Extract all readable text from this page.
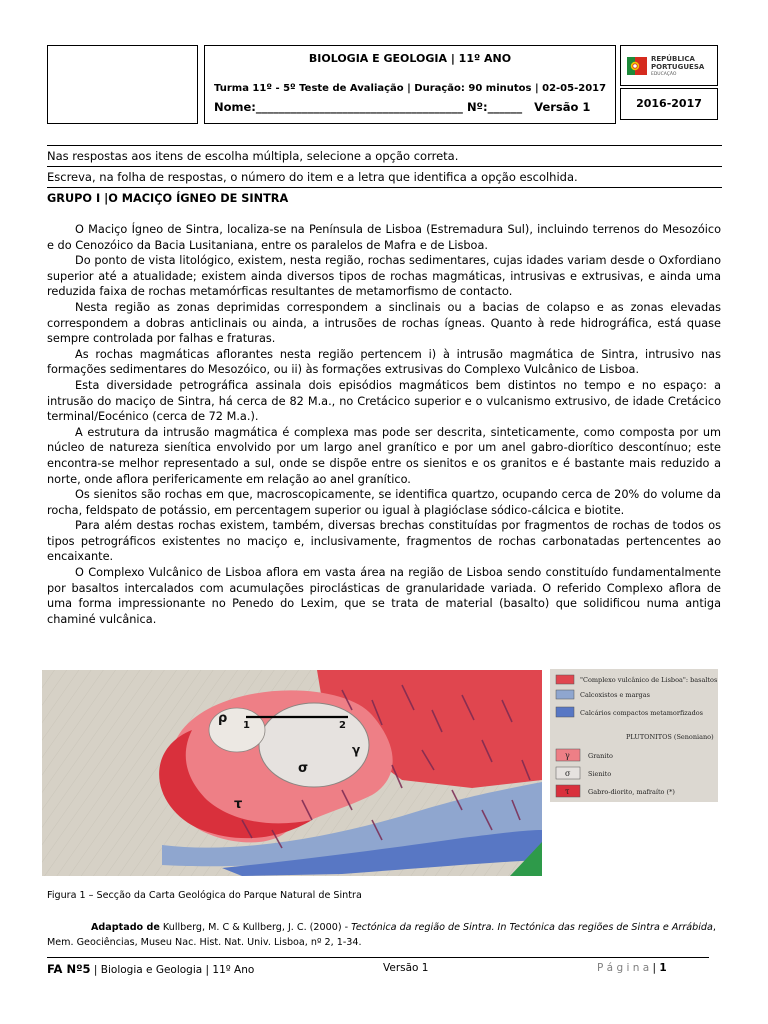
BIOLOGIA E GEOLOGIA | 11º ANO
Turma 11º - 5º Teste de Avaliação | Duração: 90 minutos | 02-05-2017
Nome:____________________________________ Nº:______ Versão 1
REPÚBLICA
PORTUGUESA
EDUCAÇÃO
2016-2017
Nas respostas aos itens de escolha múltipla, selecione a opção correta.
Escreva, na folha de respostas, o número do item e a letra que identifica a opção escolhida.
GRUPO I |O MACIÇO ÍGNEO DE SINTRA

O Maciço Ígneo de Sintra, localiza-se na Península de Lisboa (Estremadura Sul), incluindo terrenos do Mesozóico e do Cenozóico da Bacia Lusitaniana, entre os paralelos de Mafra e de Lisboa.

Do ponto de vista litológico, existem, nesta região, rochas sedimentares, cujas idades variam desde o Oxfordiano superior até a atualidade; existem ainda diversos tipos de rochas magmáticas, intrusivas e extrusivas, e ainda uma reduzida faixa de rochas metamórficas resultantes de metamorfismo de contacto.

Nesta região as zonas deprimidas correspondem a sinclinais ou a bacias de colapso e as zonas elevadas correspondem a dobras anticlinais ou ainda, a intrusões de rochas ígneas. Quanto à rede hidrográfica, está quase sempre controlada por falhas e fraturas.

As rochas magmáticas aflorantes nesta região pertencem i) à intrusão magmática de Sintra, intrusivo nas formações sedimentares do Mesozóico, ou ii) às formações extrusivas do Complexo Vulcânico de Lisboa.

Esta diversidade petrográfica assinala dois episódios magmáticos bem distintos no tempo e no espaço: a intrusão do maciço de Sintra, há cerca de 82 M.a., no Cretácico superior e o vulcanismo extrusivo, de idade Cretácico terminal/Eocénico (cerca de 72 M.a.).

A estrutura da intrusão magmática é complexa mas pode ser descrita, sinteticamente, como composta por um núcleo de natureza sienítica envolvido por um largo anel granítico e por um anel gabro-diorítico descontínuo; este encontra-se melhor representado a sul, onde se dispõe entre os sienitos e os granitos e é bastante mais reduzido a norte, onde aflora perifericamente em relação ao anel granítico.

Os sienitos são rochas em que, macroscopicamente, se identifica quartzo, ocupando cerca de 20% do volume da rocha, feldspato de potássio, em percentagem superior ou igual à plagióclase sódico-cálcica e biotite.

Para além destas rochas existem, também, diversas brechas constituídas por fragmentos de rochas de todos os tipos petrográficos existentes no maciço e, inclusivamente, fragmentos de rochas carbonatadas pertencentes ao encaixante.

O Complexo Vulcânico de Lisboa aflora em vasta área na região de Lisboa sendo constituído fundamentalmente por basaltos intercalados com acumulações piroclásticas de granularidade variada. O referido Complexo aflora de uma forma impressionante no Penedo do Lexim, que se trata de material (basalto) que solidificou numa antiga chaminé vulcânica.

ρ 1	2
σ
γ
τ
"Complexo vulcânico de Lisboa": basaltos
Calcoxistos e margas
Calcários compactos metamorfizados
PLUTONITOS (Senoniano)
γ	Granito
σ	Sienito
τ	Gabro-diorito, mafraíto (*)
Figura 1 – Secção da Carta Geológica do Parque Natural de Sintra
Adaptado de Kullberg, M. C & Kullberg, J. C. (2000) - Tectónica da região de Sintra. In Tectónica das regiões de Sintra e Arrábida,
Mem. Geociências, Museu Nac. Hist. Nat. Univ. Lisboa, nº 2, 1-34.
FA Nº5 | Biologia e Geologia | 11º Ano	Versão 1	P á g i n a | 1
